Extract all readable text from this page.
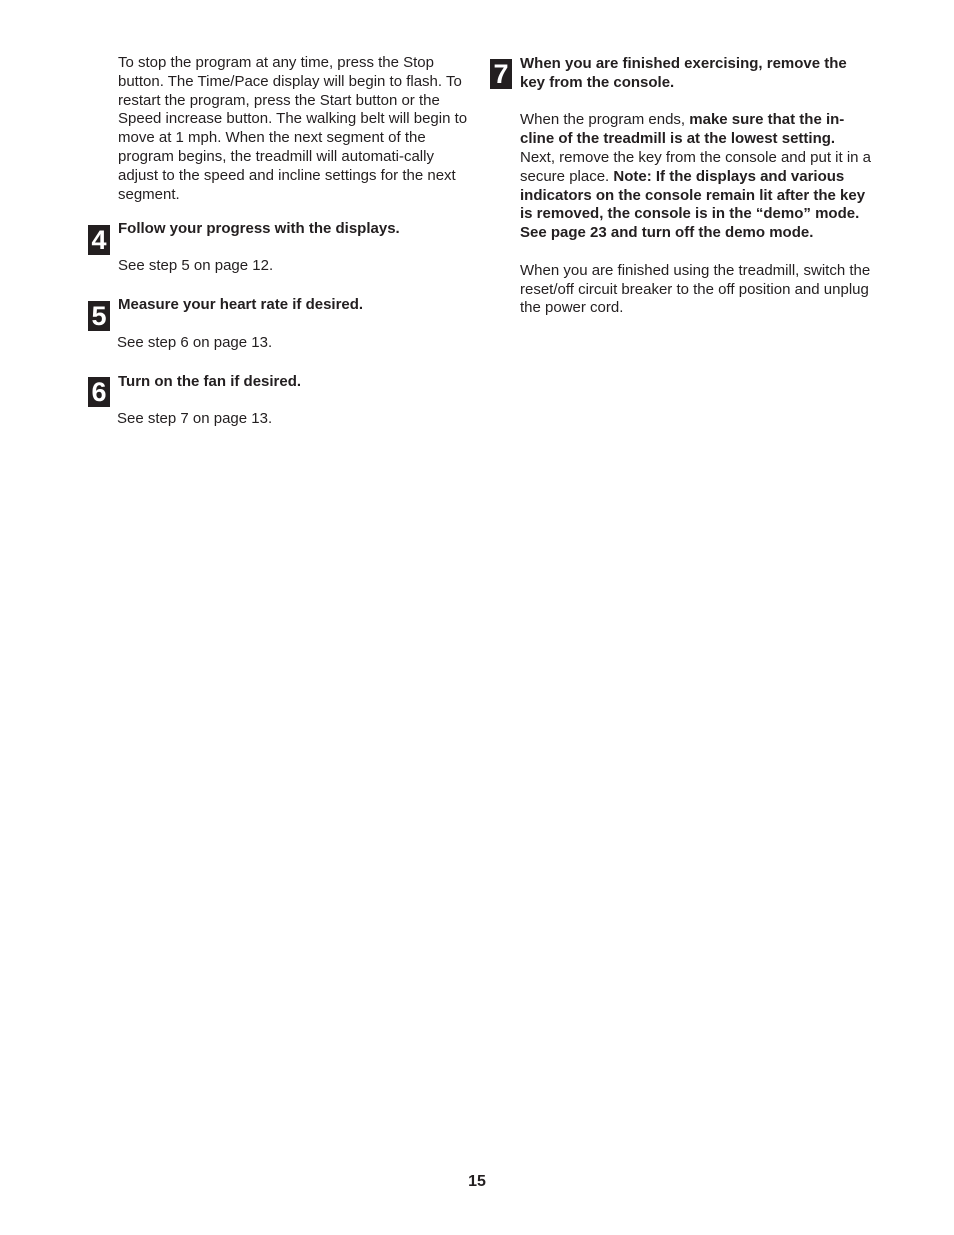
To stop the program at any time, press the Stop button. The Time/Pace display will begin to flash. To restart the program, press the Start button or the Speed increase button. The walking belt will begin to move at 1 mph. When the next segment of the program begins, the treadmill will automati-cally adjust to the speed and incline settings for the next segment.

4 Follow your progress with the displays.
See step 5 on page 12.
5 Measure your heart rate if desired.
See step 6 on page 13.
6 Turn on the fan if desired.
See step 7 on page 13.
7 When you are finished exercising, remove the key from the console.

When the program ends, make sure that the in-cline of the treadmill is at the lowest setting. Next, remove the key from the console and put it in a secure place. Note: If the displays and various indicators on the console remain lit after the key is removed, the console is in the “demo” mode. See page 23 and turn off the demo mode.

When you are finished using the treadmill, switch the reset/off circuit breaker to the off position and unplug the power cord.

15
